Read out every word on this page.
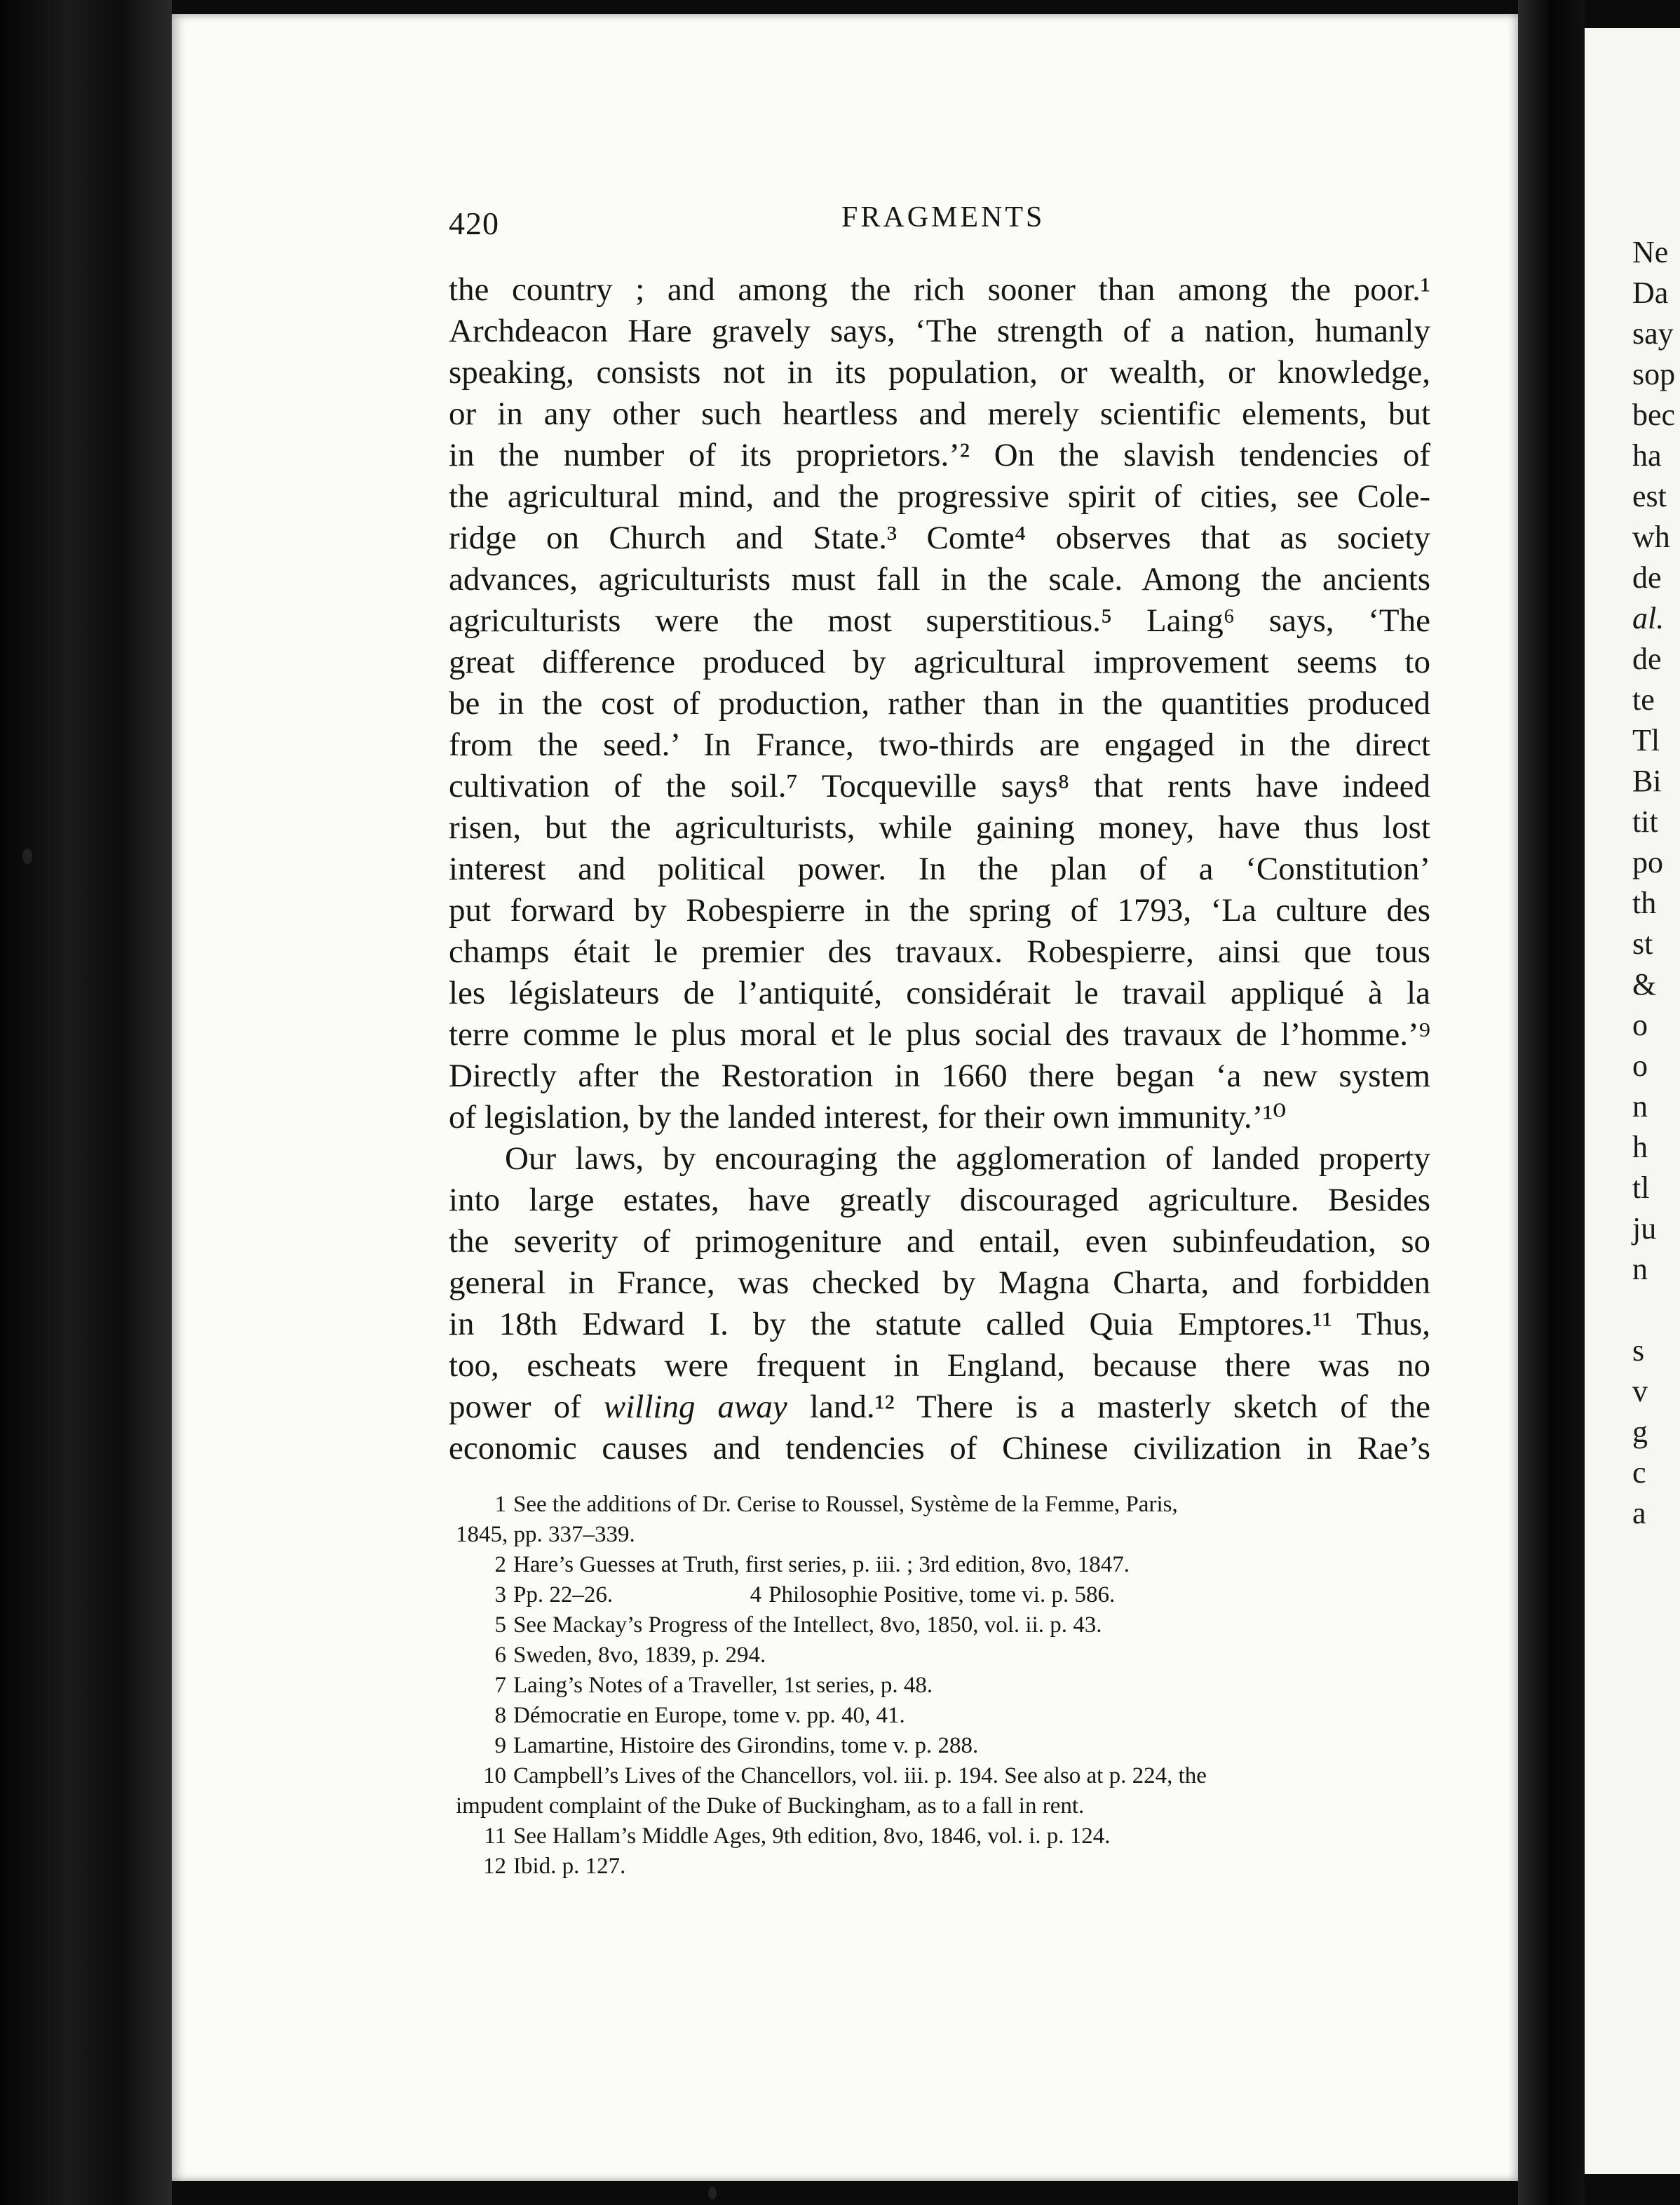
Ne
Da
say
sop
bec
ha
est
wh
de
al.
de
te
Tl
Bi
tit
po
th
st
&
o
o
n
h
tl
ju
n
s
v
g
c
a
420	FRAGMENTS
the country ; and among the rich sooner than among the poor.¹
Archdeacon Hare gravely says, ‘The strength of a nation, humanly
speaking, consists not in its population, or wealth, or knowledge,
or in any other such heartless and merely scientific elements, but
in the number of its proprietors.’² On the slavish tendencies of
the agricultural mind, and the progressive spirit of cities, see Cole-
ridge on Church and State.³ Comte⁴ observes that as society
advances, agriculturists must fall in the scale. Among the ancients
agriculturists were the most superstitious.⁵ Laing⁶ says, ‘The
great difference produced by agricultural improvement seems to
be in the cost of production, rather than in the quantities produced
from the seed.’ In France, two-thirds are engaged in the direct
cultivation of the soil.⁷ Tocqueville says⁸ that rents have indeed
risen, but the agriculturists, while gaining money, have thus lost
interest and political power. In the plan of a ‘Constitution’
put forward by Robespierre in the spring of 1793, ‘La culture des
champs était le premier des travaux. Robespierre, ainsi que tous
les législateurs de l’antiquité, considérait le travail appliqué à la
terre comme le plus moral et le plus social des travaux de l’homme.’⁹
Directly after the Restoration in 1660 there began ‘a new system
of legislation, by the landed interest, for their own immunity.’¹⁰
Our laws, by encouraging the agglomeration of landed property
into large estates, have greatly discouraged agriculture. Besides
the severity of primogeniture and entail, even subinfeudation, so
general in France, was checked by Magna Charta, and forbidden
in 18th Edward I. by the statute called Quia Emptores.¹¹ Thus,
too, escheats were frequent in England, because there was no
power of willing away land.¹² There is a masterly sketch of the
economic causes and tendencies of Chinese civilization in Rae’s
1 See the additions of Dr. Cerise to Roussel, Système de la Femme, Paris,
1845, pp. 337–339.
2 Hare’s Guesses at Truth, first series, p. iii. ; 3rd edition, 8vo, 1847.
3 Pp. 22–26.	4 Philosophie Positive, tome vi. p. 586.
5 See Mackay’s Progress of the Intellect, 8vo, 1850, vol. ii. p. 43.
6 Sweden, 8vo, 1839, p. 294.
7 Laing’s Notes of a Traveller, 1st series, p. 48.
8 Démocratie en Europe, tome v. pp. 40, 41.
9 Lamartine, Histoire des Girondins, tome v. p. 288.
10 Campbell’s Lives of the Chancellors, vol. iii. p. 194. See also at p. 224, the
impudent complaint of the Duke of Buckingham, as to a fall in rent.
11 See Hallam’s Middle Ages, 9th edition, 8vo, 1846, vol. i. p. 124.
12 Ibid. p. 127.
